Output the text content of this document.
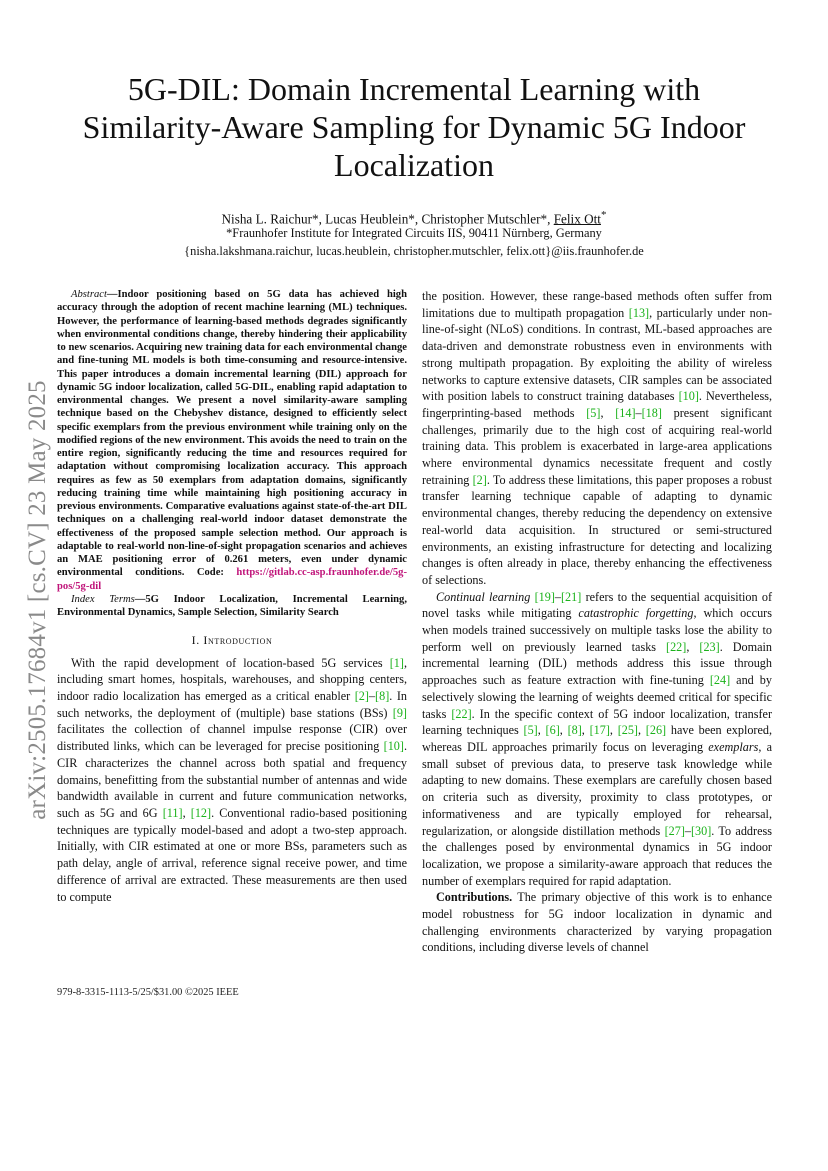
arXiv:2505.17684v1 [cs.CV] 23 May 2025
5G-DIL: Domain Incremental Learning with Similarity-Aware Sampling for Dynamic 5G Indoor Localization
Nisha L. Raichur*, Lucas Heublein*, Christopher Mutschler*, Felix Ott*
*Fraunhofer Institute for Integrated Circuits IIS, 90411 Nürnberg, Germany
{nisha.lakshmana.raichur, lucas.heublein, christopher.mutschler, felix.ott}@iis.fraunhofer.de

Abstract—Indoor positioning based on 5G data has achieved high accuracy through the adoption of recent machine learning (ML) techniques. However, the performance of learning-based methods degrades significantly when environmental conditions change, thereby hindering their applicability to new scenarios. Acquiring new training data for each environmental change and fine-tuning ML models is both time-consuming and resource-intensive. This paper introduces a domain incremental learning (DIL) approach for dynamic 5G indoor localization, called 5G-DIL, enabling rapid adaptation to environmental changes. We present a novel similarity-aware sampling technique based on the Chebyshev distance, designed to efficiently select specific exemplars from the previous environment while training only on the modified regions of the new environment. This avoids the need to train on the entire region, significantly reducing the time and resources required for adaptation without compromising localization accuracy. This approach requires as few as 50 exemplars from adaptation domains, significantly reducing training time while maintaining high positioning accuracy in previous environments. Comparative evaluations against state-of-the-art DIL techniques on a challenging real-world indoor dataset demonstrate the effectiveness of the proposed sample selection method. Our approach is adaptable to real-world non-line-of-sight propagation scenarios and achieves an MAE positioning error of 0.261 meters, even under dynamic environmental conditions. Code: https://gitlab.cc-asp.fraunhofer.de/5g-pos/5g-dil

Index Terms—5G Indoor Localization, Incremental Learning, Environmental Dynamics, Sample Selection, Similarity Search

I. Introduction

With the rapid development of location-based 5G services [1], including smart homes, hospitals, warehouses, and shopping centers, indoor radio localization has emerged as a critical enabler [2]–[8]. In such networks, the deployment of (multiple) base stations (BSs) [9] facilitates the collection of channel impulse response (CIR) over distributed links, which can be leveraged for precise positioning [10]. CIR characterizes the channel across both spatial and frequency domains, benefitting from the substantial number of antennas and wide bandwidth available in current and future communication networks, such as 5G and 6G [11], [12]. Conventional radio-based positioning techniques are typically model-based and adopt a two-step approach. Initially, with CIR estimated at one or more BSs, parameters such as path delay, angle of arrival, reference signal receive power, and time difference of arrival are extracted. These measurements are then used to compute

979-8-3315-1113-5/25/$31.00 ©2025 IEEE

the position. However, these range-based methods often suffer from limitations due to multipath propagation [13], particularly under non-line-of-sight (NLoS) conditions. In contrast, ML-based approaches are data-driven and demonstrate robustness even in environments with strong multipath propagation. By exploiting the ability of wireless networks to capture extensive datasets, CIR samples can be associated with position labels to construct training databases [10]. Nevertheless, fingerprinting-based methods [5], [14]–[18] present significant challenges, primarily due to the high cost of acquiring real-world training data. This problem is exacerbated in large-area applications where environmental dynamics necessitate frequent and costly retraining [2]. To address these limitations, this paper proposes a robust transfer learning technique capable of adapting to dynamic environmental changes, thereby reducing the dependency on extensive real-world data acquisition. In structured or semi-structured environments, an existing infrastructure for detecting and localizing changes is often already in place, thereby enhancing the effectiveness of selections.

Continual learning [19]–[21] refers to the sequential acquisition of novel tasks while mitigating catastrophic forgetting, which occurs when models trained successively on multiple tasks lose the ability to perform well on previously learned tasks [22], [23]. Domain incremental learning (DIL) methods address this issue through approaches such as feature extraction with fine-tuning [24] and by selectively slowing the learning of weights deemed critical for specific tasks [22]. In the specific context of 5G indoor localization, transfer learning techniques [5], [6], [8], [17], [25], [26] have been explored, whereas DIL approaches primarily focus on leveraging exemplars, a small subset of previous data, to preserve task knowledge while adapting to new domains. These exemplars are carefully chosen based on criteria such as diversity, proximity to class prototypes, or informativeness and are typically employed for rehearsal, regularization, or alongside distillation methods [27]–[30]. To address the challenges posed by environmental dynamics in 5G indoor localization, we propose a similarity-aware approach that reduces the number of exemplars required for rapid adaptation.

Contributions. The primary objective of this work is to enhance model robustness for 5G indoor localization in dynamic and challenging environments characterized by varying propagation conditions, including diverse levels of channel
